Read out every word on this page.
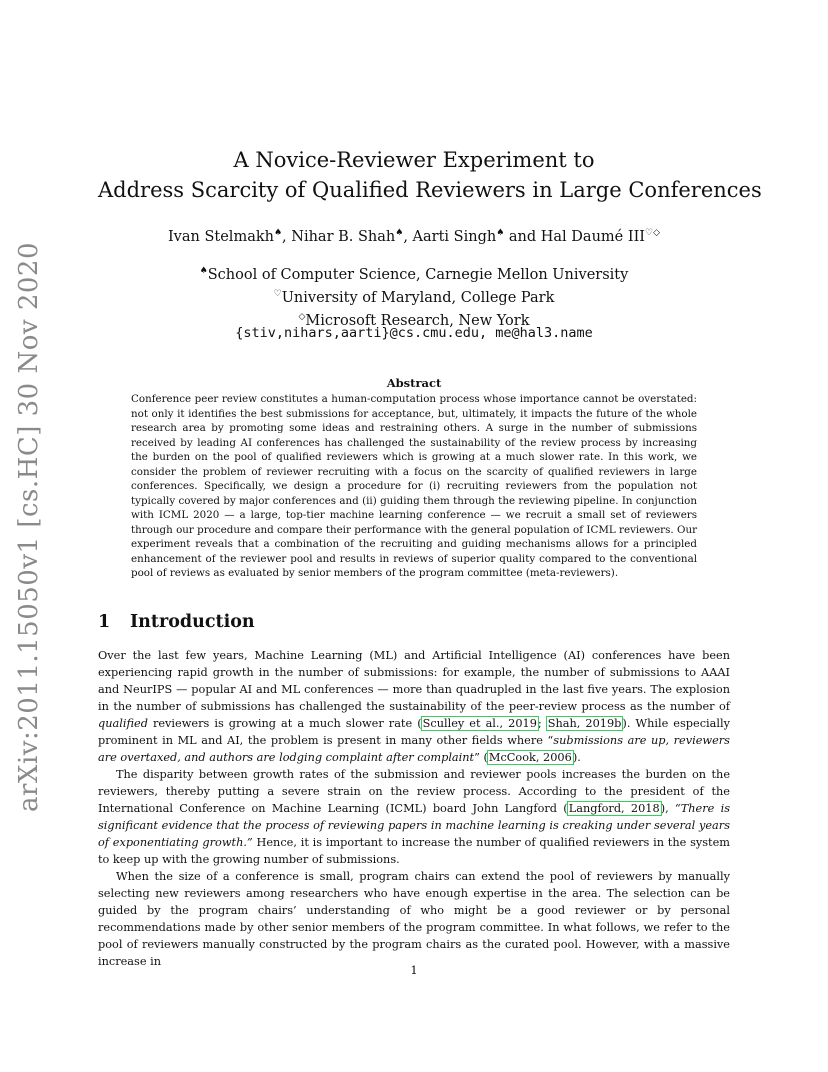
arXiv:2011.15050v1 [cs.HC] 30 Nov 2020
A Novice-Reviewer Experiment to
Address Scarcity of Qualified Reviewers in Large Conferences
Ivan Stelmakh♠, Nihar B. Shah♠, Aarti Singh♠ and Hal Daumé III♡◇
♠School of Computer Science, Carnegie Mellon University
♡University of Maryland, College Park
◇Microsoft Research, New York
{stiv,nihars,aarti}@cs.cmu.edu, me@hal3.name
Abstract
Conference peer review constitutes a human-computation process whose importance cannot be overstated: not only it identifies the best submissions for acceptance, but, ultimately, it impacts the future of the whole research area by promoting some ideas and restraining others. A surge in the number of submissions received by leading AI conferences has challenged the sustainability of the review process by increasing the burden on the pool of qualified reviewers which is growing at a much slower rate. In this work, we consider the problem of reviewer recruiting with a focus on the scarcity of qualified reviewers in large conferences. Specifically, we design a procedure for (i) recruiting reviewers from the population not typically covered by major conferences and (ii) guiding them through the reviewing pipeline. In conjunction with ICML 2020 — a large, top-tier machine learning conference — we recruit a small set of reviewers through our procedure and compare their performance with the general population of ICML reviewers. Our experiment reveals that a combination of the recruiting and guiding mechanisms allows for a principled enhancement of the reviewer pool and results in reviews of superior quality compared to the conventional pool of reviews as evaluated by senior members of the program committee (meta-reviewers).
1 Introduction

Over the last few years, Machine Learning (ML) and Artificial Intelligence (AI) conferences have been experiencing rapid growth in the number of submissions: for example, the number of submissions to AAAI and NeurIPS — popular AI and ML conferences — more than quadrupled in the last five years. The explosion in the number of submissions has challenged the sustainability of the peer-review process as the number of qualified reviewers is growing at a much slower rate (Sculley et al., 2019; Shah, 2019b). While especially prominent in ML and AI, the problem is present in many other fields where “submissions are up, reviewers are overtaxed, and authors are lodging complaint after complaint” (McCook, 2006).

The disparity between growth rates of the submission and reviewer pools increases the burden on the reviewers, thereby putting a severe strain on the review process. According to the president of the International Conference on Machine Learning (ICML) board John Langford (Langford, 2018), “There is significant evidence that the process of reviewing papers in machine learning is creaking under several years of exponentiating growth.” Hence, it is important to increase the number of qualified reviewers in the system to keep up with the growing number of submissions.

When the size of a conference is small, program chairs can extend the pool of reviewers by manually selecting new reviewers among researchers who have enough expertise in the area. The selection can be guided by the program chairs’ understanding of who might be a good reviewer or by personal recommendations made by other senior members of the program committee. In what follows, we refer to the pool of reviewers manually constructed by the program chairs as the curated pool. However, with a massive increase in

1
